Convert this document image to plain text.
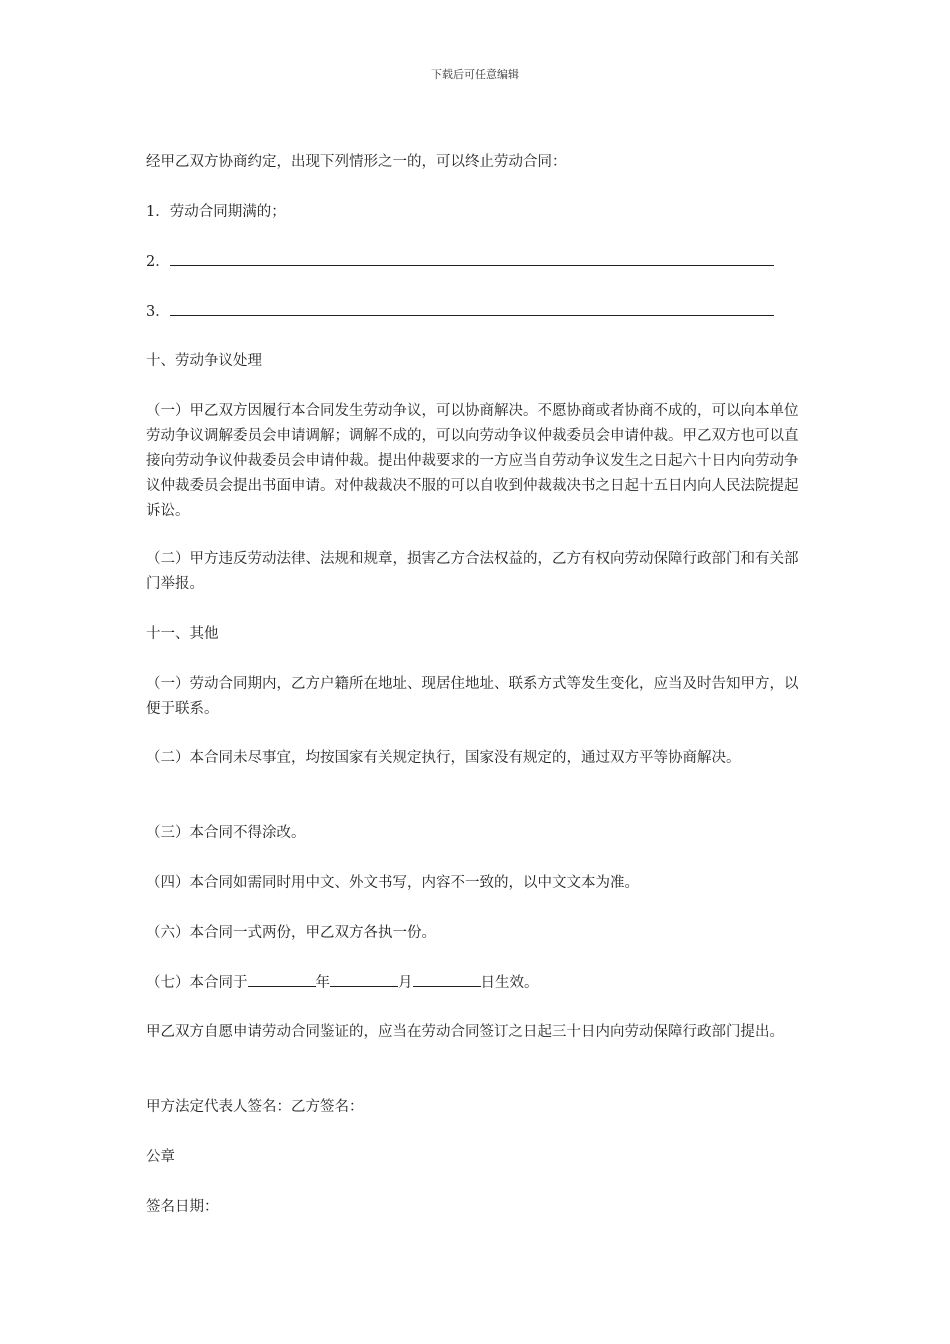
下载后可任意编辑

经甲乙双方协商约定，出现下列情形之一的，可以终止劳动合同：

1．劳动合同期满的；

2．

3．

十、劳动争议处理

（一）甲乙双方因履行本合同发生劳动争议，可以协商解决。不愿协商或者协商不成的，可以向本单位劳动争议调解委员会申请调解；调解不成的，可以向劳动争议仲裁委员会申请仲裁。甲乙双方也可以直接向劳动争议仲裁委员会申请仲裁。提出仲裁要求的一方应当自劳动争议发生之日起六十日内向劳动争议仲裁委员会提出书面申请。对仲裁裁决不服的可以自收到仲裁裁决书之日起十五日内向人民法院提起诉讼。

（二）甲方违反劳动法律、法规和规章，损害乙方合法权益的，乙方有权向劳动保障行政部门和有关部门举报。

十一、其他

（一）劳动合同期内，乙方户籍所在地址、现居住地址、联系方式等发生变化，应当及时告知甲方，以便于联系。

（二）本合同未尽事宜，均按国家有关规定执行，国家没有规定的，通过双方平等协商解决。

（三）本合同不得涂改。

（四）本合同如需同时用中文、外文书写，内容不一致的，以中文文本为准。

（六）本合同一式两份，甲乙双方各执一份。

（七）本合同于	年	月	日生效。

甲乙双方自愿申请劳动合同鉴证的，应当在劳动合同签订之日起三十日内向劳动保障行政部门提出。

甲方法定代表人签名：乙方签名：

公章

签名日期：
